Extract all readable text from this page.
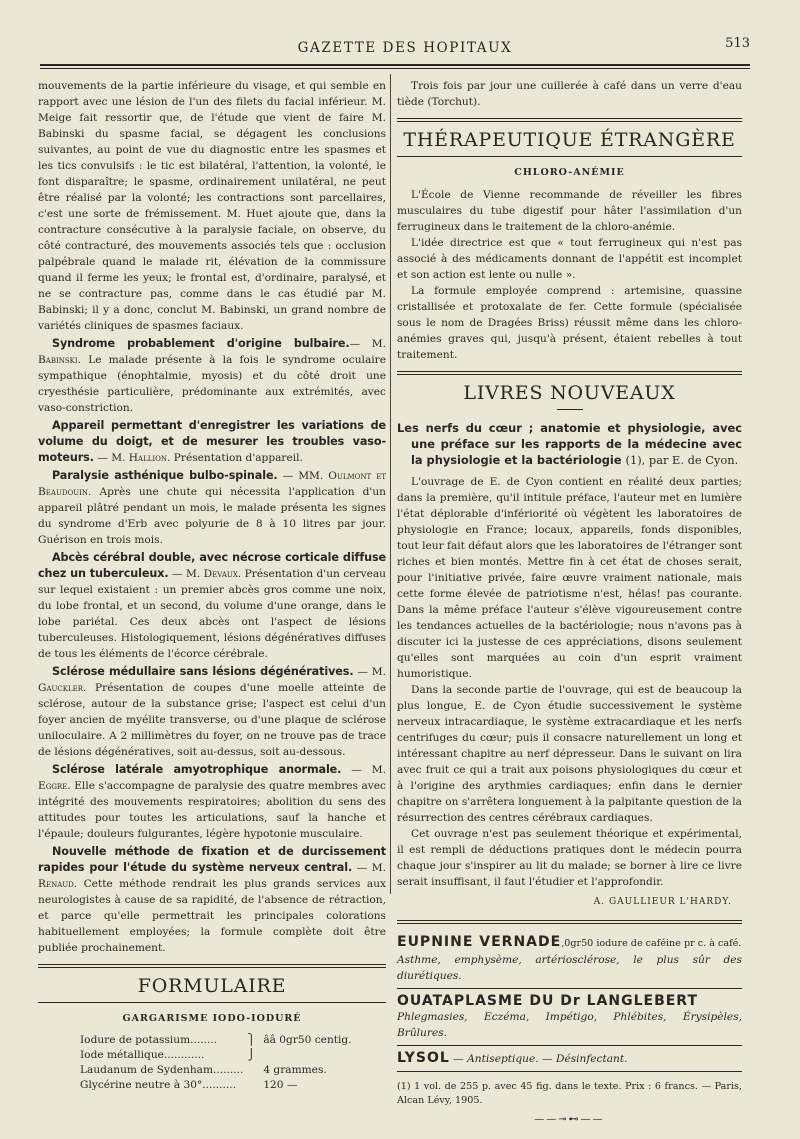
GAZETTE DES HOPITAUX	513

mouvements de la partie inférieure du visage, et qui semble en rapport avec une lésion de l'un des filets du facial inférieur. M. Meige fait ressortir que, de l'étude que vient de faire M. Babinski du spasme facial, se dégagent les conclusions suivantes, au point de vue du diagnostic entre les spasmes et les tics convulsifs : le tic est bilatéral, l'attention, la volonté, le font disparaître; le spasme, ordinairement unilatéral, ne peut être réalisé par la volonté; les contractions sont parcellaires, c'est une sorte de frémissement. M. Huet ajoute que, dans la contracture consécutive à la paralysie faciale, on observe, du côté contracturé, des mouvements associés tels que : occlusion palpébrale quand le malade rit, élévation de la commissure quand il ferme les yeux; le frontal est, d'ordinaire, paralysé, et ne se contracture pas, comme dans le cas étudié par M. Babinski; il y a donc, conclut M. Babinski, un grand nombre de variétés cliniques de spasmes faciaux.

Syndrome probablement d'origine bulbaire.— M. Babinski. Le malade présente à la fois le syndrome oculaire sympathique (énophtalmie, myosis) et du côté droit une cryesthésie particulière, prédominante aux extrémités, avec vaso-constriction.

Appareil permettant d'enregistrer les variations de volume du doigt, et de mesurer les troubles vaso-moteurs. — M. Hallion. Présentation d'appareil.

Paralysie asthénique bulbo-spinale. — MM. Oulmont et Beaudouin. Après une chute qui nécessita l'application d'un appareil plâtré pendant un mois, le malade présenta les signes du syndrome d'Erb avec polyurie de 8 à 10 litres par jour. Guérison en trois mois.

Abcès cérébral double, avec nécrose corticale diffuse chez un tuberculeux. — M. Devaux. Présentation d'un cerveau sur lequel existaient : un premier abcès gros comme une noix, du lobe frontal, et un second, du volume d'une orange, dans le lobe pariétal. Ces deux abcès ont l'aspect de lésions tuberculeuses. Histologiquement, lésions dégénératives diffuses de tous les éléments de l'écorce cérébrale.

Sclérose médullaire sans lésions dégénératives. — M. Gauckler. Présentation de coupes d'une moelle atteinte de sclérose, autour de la substance grise; l'aspect est celui d'un foyer ancien de myélite transverse, ou d'une plaque de sclérose uniloculaire. A 2 millimètres du foyer, on ne trouve pas de trace de lésions dégénératives, soit au-dessus, soit au-dessous.

Sclérose latérale amyotrophique anormale. — M. Eggre. Elle s'accompagne de paralysie des quatre membres avec intégrité des mouvements respiratoires; abolition du sens des attitudes pour toutes les articulations, sauf la hanche et l'épaule; douleurs fulgurantes, légère hypotonie musculaire.

Nouvelle méthode de fixation et de durcissement rapides pour l'étude du système nerveux central. — M. Renaud. Cette méthode rendrait les plus grands services aux neurologistes à cause de sa rapidité, de l'absence de rétraction, et parce qu'elle permettrait les principales colorations habituellement employées; la formule complète doit être publiée prochainement.

FORMULAIRE
GARGARISME IODO-IODURÉ
Iodure de potassium........	⎫	ââ 0gr50 centig.
Iode métallique............	⎭	
Laudanum de Sydenham.........		4 grammes.
Glycérine neutre à 30°..........		120 —

Trois fois par jour une cuillerée à café dans un verre d'eau tiède (Torchut).

THÉRAPEUTIQUE ÉTRANGÈRE
CHLORO-ANÉMIE

L'École de Vienne recommande de réveiller les fibres musculaires du tube digestif pour hâter l'assimilation d'un ferrugineux dans le traitement de la chloro-anémie.

L'idée directrice est que « tout ferrugineux qui n'est pas associé à des médicaments donnant de l'appétit est incomplet et son action est lente ou nulle ».

La formule employée comprend : artemisine, quassine cristallisée et protoxalate de fer. Cette formule (spécialisée sous le nom de Dragées Briss) réussit même dans les chloro-anémies graves qui, jusqu'à présent, étaient rebelles à tout traitement.

LIVRES NOUVEAUX
Les nerfs du cœur ; anatomie et physiologie, avec une préface sur les rapports de la médecine avec la physiologie et la bactériologie (1), par E. de Cyon.

L'ouvrage de E. de Cyon contient en réalité deux parties; dans la première, qu'il intitule préface, l'auteur met en lumière l'état déplorable d'infériorité où végètent les laboratoires de physiologie en France; locaux, appareils, fonds disponibles, tout leur fait défaut alors que les laboratoires de l'étranger sont riches et bien montés. Mettre fin à cet état de choses serait, pour l'initiative privée, faire œuvre vraiment nationale, mais cette forme élevée de patriotisme n'est, hélas! pas courante. Dans la même préface l'auteur s'élève vigoureusement contre les tendances actuelles de la bactériologie; nous n'avons pas à discuter ici la justesse de ces appréciations, disons seulement qu'elles sont marquées au coin d'un esprit vraiment humoristique.

Dans la seconde partie de l'ouvrage, qui est de beaucoup la plus longue, E. de Cyon étudie successivement le système nerveux intracardiaque, le système extracardiaque et les nerfs centrifuges du cœur; puis il consacre naturellement un long et intéressant chapitre au nerf dépresseur. Dans le suivant on lira avec fruit ce qui a trait aux poisons physiologiques du cœur et à l'origine des arythmies cardiaques; enfin dans le dernier chapitre on s'arrêtera longuement à la palpitante question de la résurrection des centres cérébraux cardiaques.

Cet ouvrage n'est pas seulement théorique et expérimental, il est rempli de déductions pratiques dont le médecin pourra chaque jour s'inspirer au lit du malade; se borner à lire ce livre serait insuffisant, il faut l'étudier et l'approfondir.

A. GAULLIEUR L'HARDY.
EUPNINE VERNADE,0gr50 iodure de caféine pr c. à café.
Asthme, emphysème, artériosclérose, le plus sûr des diurétiques.
OUATAPLASME DU Dr LANGLEBERT
Phlegmasies, Eczéma, Impétigo, Phlébites, Érysipèles, Brûlures.
LYSOL — Antiseptique. — Désinfectant.

(1) 1 vol. de 255 p. avec 45 fig. dans le texte. Prix : 6 francs. — Paris, Alcan Lévy, 1905.

——⊸⊷——
